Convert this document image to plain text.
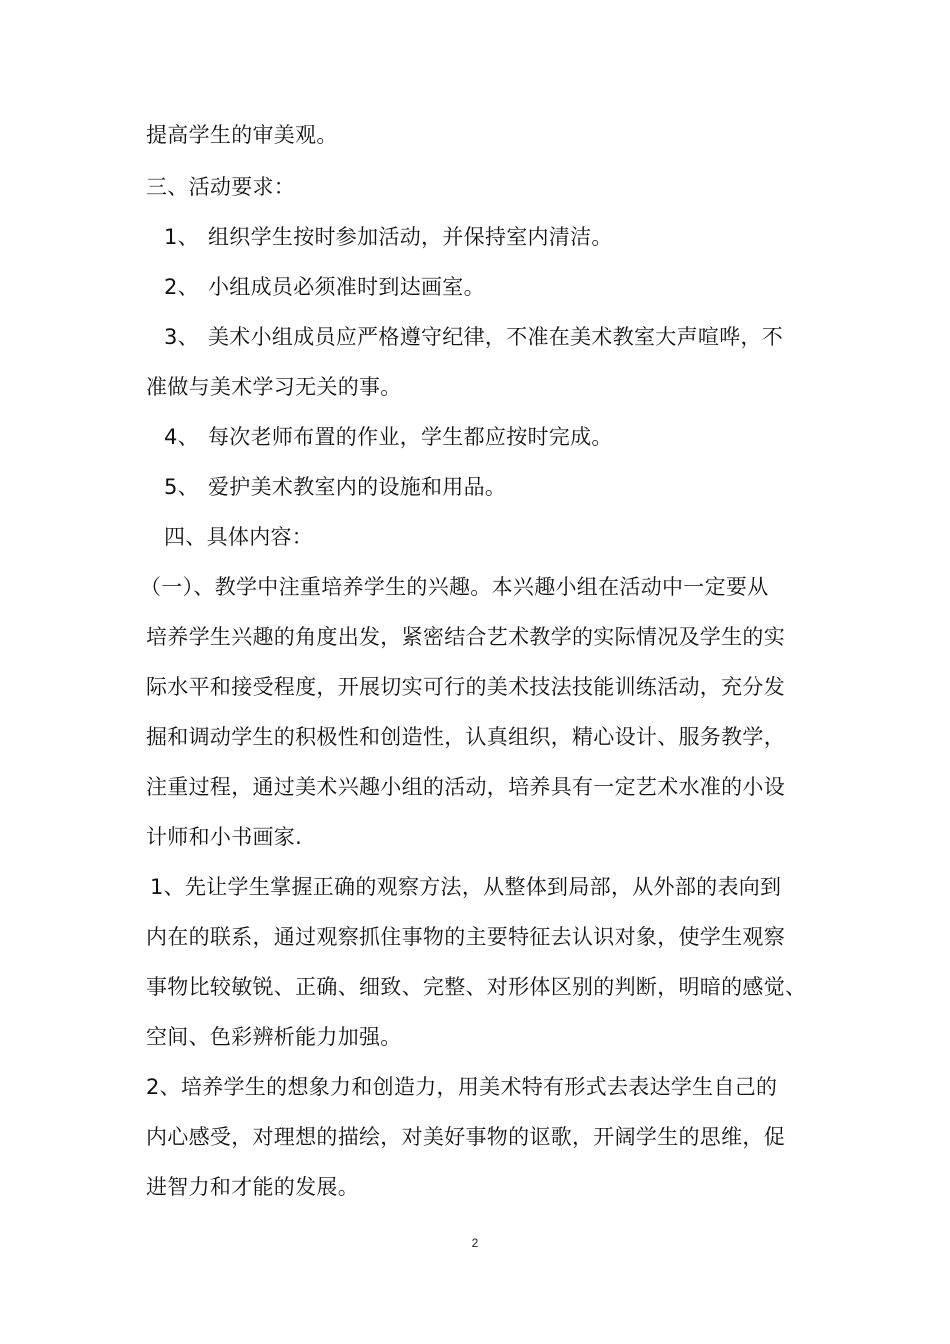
提高学生的审美观。
三、活动要求：
1、 组织学生按时参加活动，并保持室内清洁。
2、 小组成员必须准时到达画室。
3、 美术小组成员应严格遵守纪律，不准在美术教室大声喧哗，不
准做与美术学习无关的事。
4、 每次老师布置的作业，学生都应按时完成。
5、 爱护美术教室内的设施和用品。
四、具体内容：
（一）、教学中注重培养学生的兴趣。本兴趣小组在活动中一定要从
培养学生兴趣的角度出发，紧密结合艺术教学的实际情况及学生的实
际水平和接受程度，开展切实可行的美术技法技能训练活动，充分发
掘和调动学生的积极性和创造性，认真组织，精心设计、服务教学，
注重过程，通过美术兴趣小组的活动，培养具有一定艺术水准的小设
计师和小书画家.
1、先让学生掌握正确的观察方法，从整体到局部，从外部的表向到
内在的联系，通过观察抓住事物的主要特征去认识对象，使学生观察
事物比较敏锐、正确、细致、完整、对形体区别的判断，明暗的感觉、
空间、色彩辨析能力加强。
2、培养学生的想象力和创造力，用美术特有形式去表达学生自己的
内心感受，对理想的描绘，对美好事物的讴歌，开阔学生的思维，促
进智力和才能的发展。
2
